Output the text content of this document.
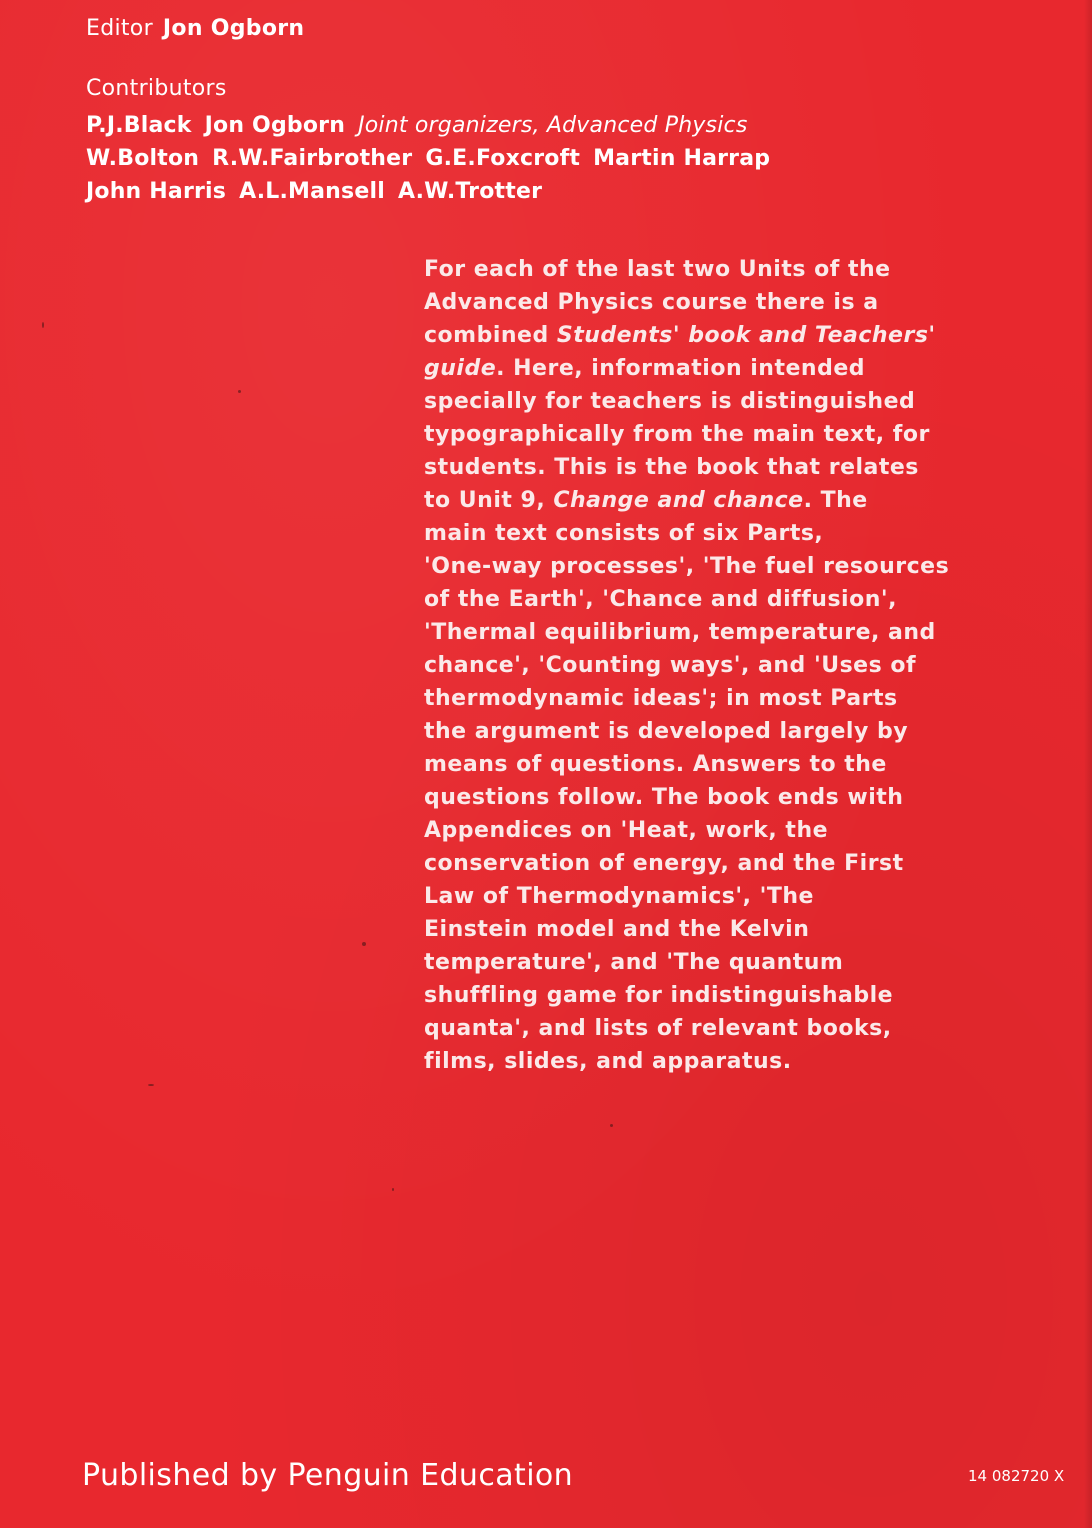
Editor Jon Ogborn
Contributors
P.J.Black Jon Ogborn Joint organizers, Advanced Physics
W.Bolton R.W.Fairbrother G.E.Foxcroft Martin Harrap
John Harris A.L.Mansell A.W.Trotter
For each of the last two Units of the
Advanced Physics course there is a
combined Students' book and Teachers'
guide. Here, information intended
specially for teachers is distinguished
typographically from the main text, for
students. This is the book that relates
to Unit 9, Change and chance. The
main text consists of six Parts,
'One-way processes', 'The fuel resources
of the Earth', 'Chance and diffusion',
'Thermal equilibrium, temperature, and
chance', 'Counting ways', and 'Uses of
thermodynamic ideas'; in most Parts
the argument is developed largely by
means of questions. Answers to the
questions follow. The book ends with
Appendices on 'Heat, work, the
conservation of energy, and the First
Law of Thermodynamics', 'The
Einstein model and the Kelvin
temperature', and 'The quantum
shuffling game for indistinguishable
quanta', and lists of relevant books,
films, slides, and apparatus.
Published by Penguin Education	14 082720 X
